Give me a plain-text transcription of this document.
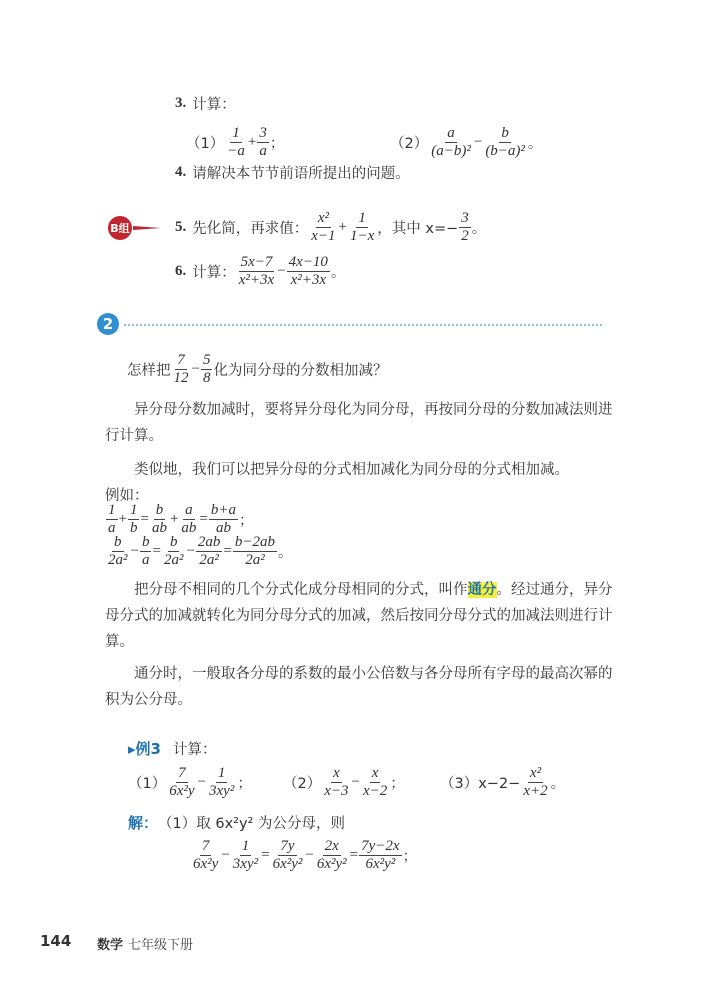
3. 计算：
$(1) \frac{1}{-a} + \frac{3}{a}$ ；	$(2) \frac{a}{\text{(a−b)²}} - \frac{b}{\text{(b−a)²}}$ 。
4. 请解决本节节前语所提出的问题。
B组	5. 先化简，再求值： $\frac{\text{x²}}{x-1} + \frac{1}{1-x}$ ，其中 $x=- \frac{3}{2}$ 。
6. 计算： $\frac{5x-7}{\text{x²+3x}} - \frac{4x-10}{\text{x²+3x}}$ 。
2
怎样把 $\frac{7}{12} - \frac{5}{8}$ 化为同分母的分数相加减？
异分母分数加减时，要将异分母化为同分母，再按同分母的分数加减法则进行计算。
类似地，我们可以把异分母的分式相加减化为同分母的分式相加减。
例如：
$\frac{1}{a} + \frac{1}{b} = \frac{b}{ab} + \frac{a}{ab} = \frac{b+a}{ab}$ ；
$\frac{b}{\text{2a²}} - \frac{b}{a} = \frac{b}{\text{2a²}} - \frac{2ab}{\text{2a²}} = \frac{b-2ab}{\text{2a²}}$ 。
把分母不相同的几个分式化成分母相同的分式，叫作通分。经过通分，异分母分式的加减就转化为同分母分式的加减，然后按同分母分式的加减法则进行计算。
通分时，一般取各分母的系数的最小公倍数与各分母所有字母的最高次幂的积为公分母。
▸例3 计算：
$(1) \frac{7}{\text{6x²y}} - \frac{1}{\text{3xy²}}$ ； $(2) \frac{x}{x-3} - \frac{x}{x-2}$ ； $(3)x-2- \frac{\text{x²}}{x+2}$ 。
解： （1）取 6x²y² 为公分母，则
$\frac{7}{\text{6x²y}} - \frac{1}{\text{3xy²}} = \frac{7y}{\text{6x²y²}} - \frac{2x}{\text{6x²y²}} = \frac{7y-2x}{\text{6x²y²}}$ ；
144 数学 七年级下册
